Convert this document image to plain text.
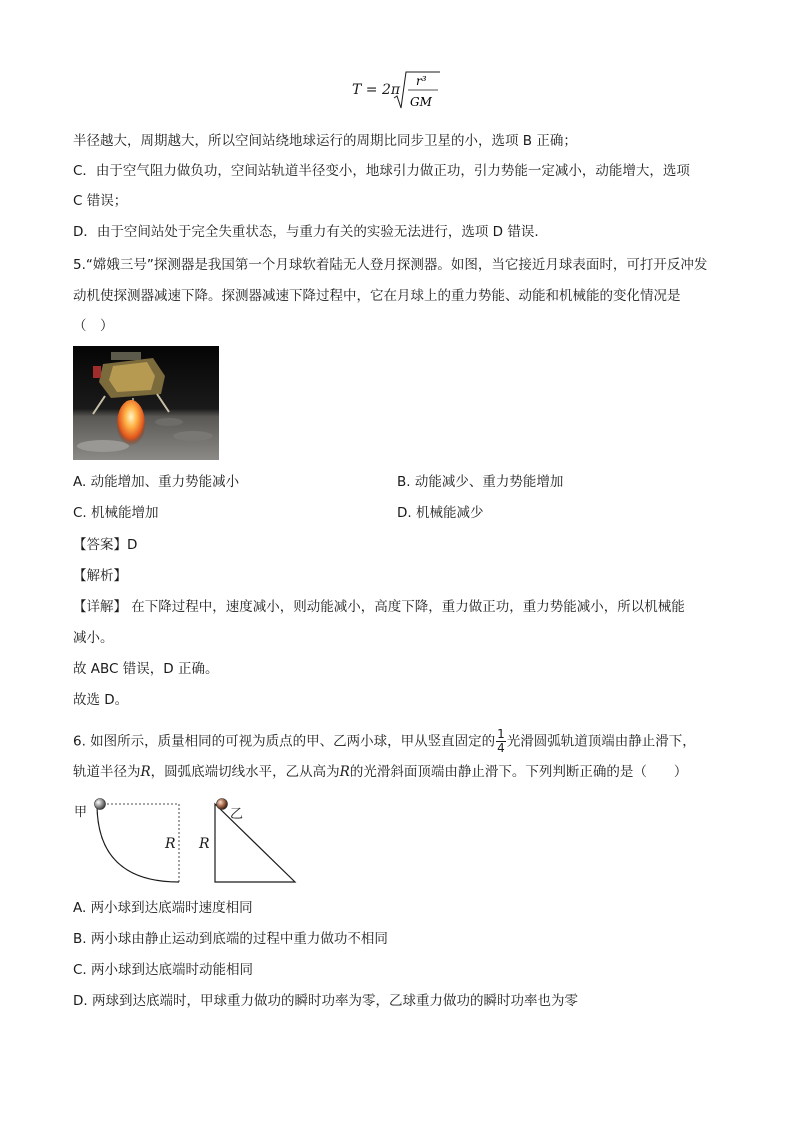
T = 2π
r³
GM
半径越大，周期越大，所以空间站绕地球运行的周期比同步卫星的小，选项 B 正确；
C．由于空气阻力做负功，空间站轨道半径变小，地球引力做正功，引力势能一定减小，动能增大，选项
C 错误；
D．由于空间站处于完全失重状态，与重力有关的实验无法进行，选项 D 错误.
5.“嫦娥三号”探测器是我国第一个月球软着陆无人登月探测器。如图，当它接近月球表面时，可打开反冲发
动机使探测器减速下降。探测器减速下降过程中，它在月球上的重力势能、动能和机械能的变化情况是
（　）
A. 动能增加、重力势能减小	B. 动能减少、重力势能增加
C. 机械能增加	D. 机械能减少
【答案】D
【解析】
【详解】 在下降过程中，速度减小，则动能减小，高度下降，重力做正功，重力势能减小，所以机械能
减小。
故 ABC 错误，D 正确。
故选 D。
6. 如图所示，质量相同的可视为质点的甲、乙两小球，甲从竖直固定的 $\frac{1}{4}$ 光滑圆弧轨道顶端由静止滑下，
轨道半径为R，圆弧底端切线水平，乙从高为R的光滑斜面顶端由静止滑下。下列判断正确的是（　　）
甲
R
乙
R
A. 两小球到达底端时速度相同
B. 两小球由静止运动到底端的过程中重力做功不相同
C. 两小球到达底端时动能相同
D. 两球到达底端时，甲球重力做功的瞬时功率为零，乙球重力做功的瞬时功率也为零
